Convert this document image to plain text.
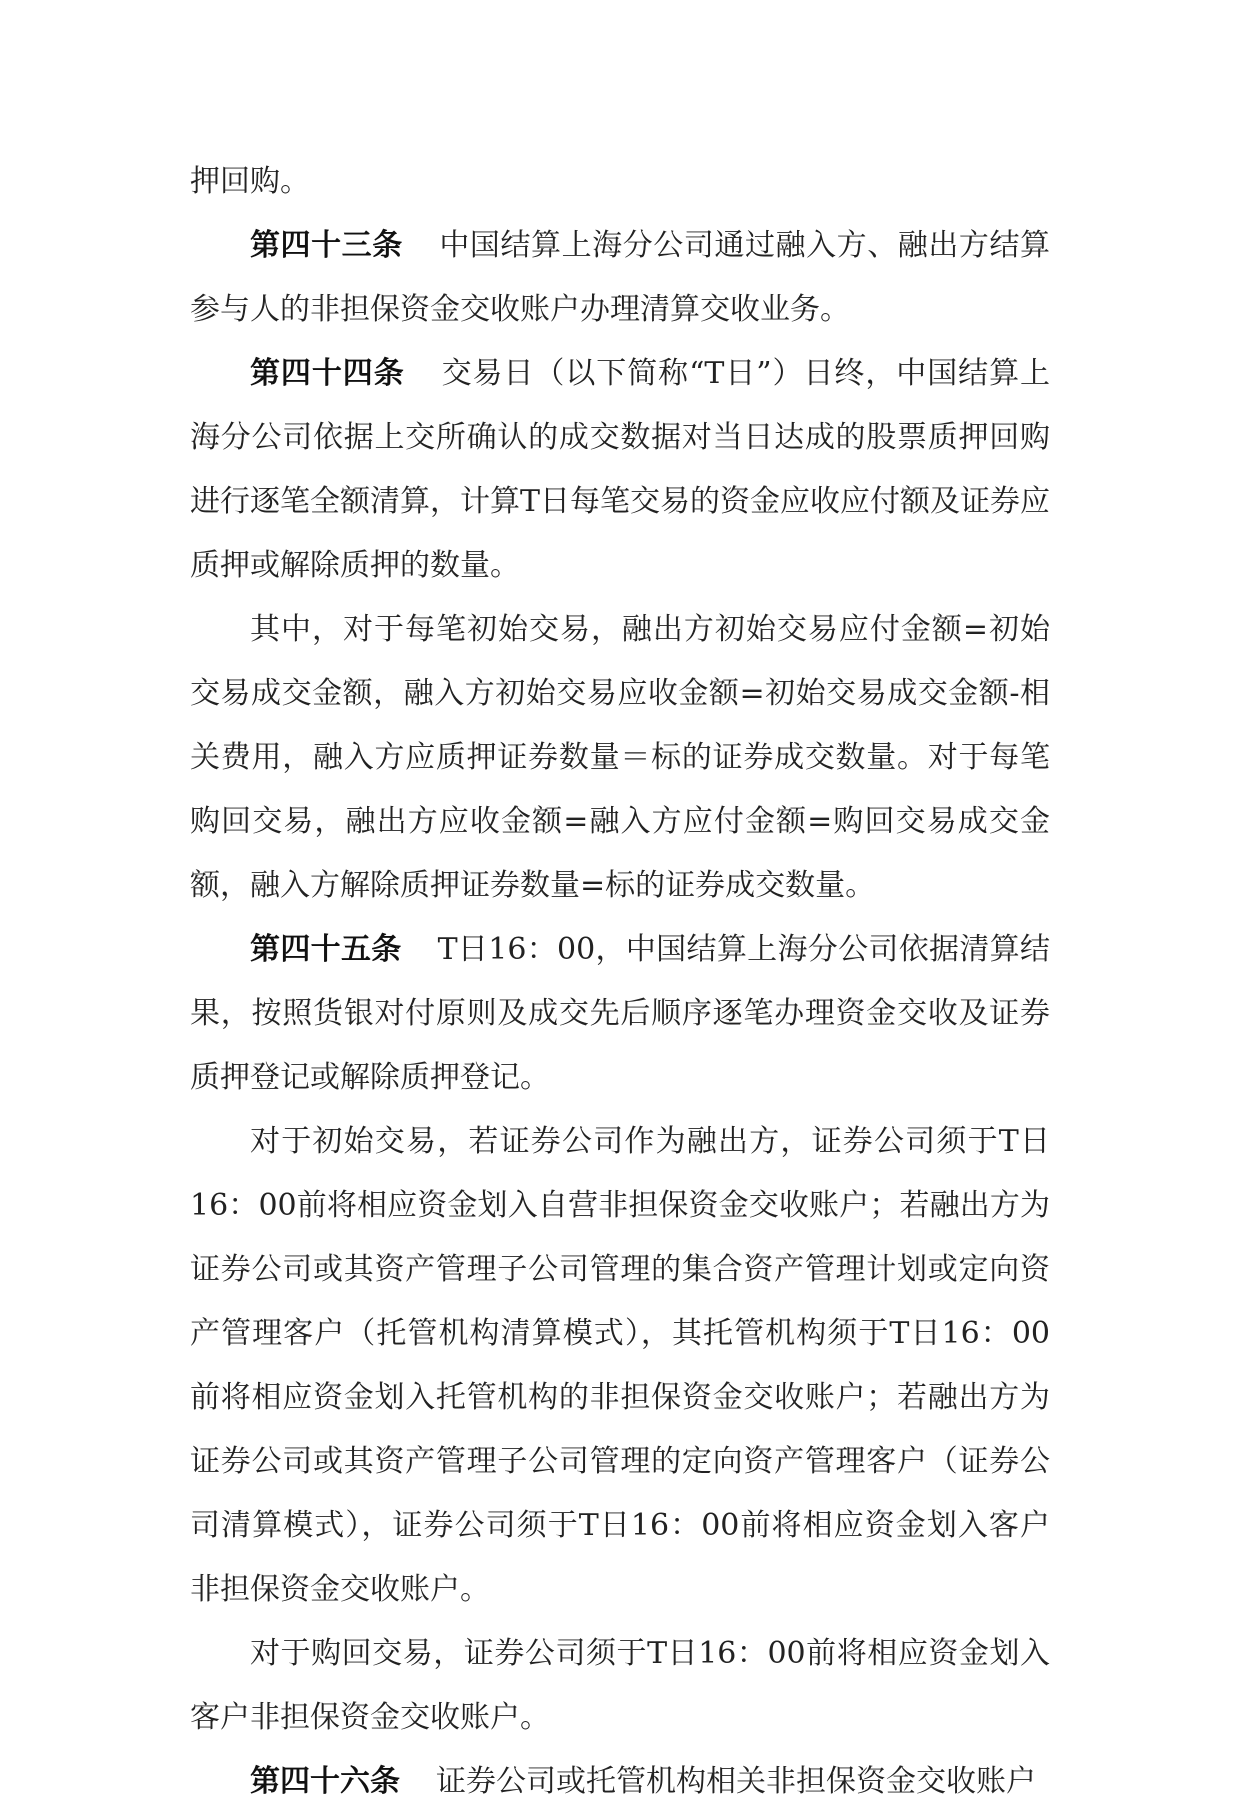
押回购。

第四十三条 中国结算上海分公司通过融入方、融出方结算参与人的非担保资金交收账户办理清算交收业务。

第四十四条 交易日（以下简称“T日”）日终，中国结算上海分公司依据上交所确认的成交数据对当日达成的股票质押回购进行逐笔全额清算，计算T日每笔交易的资金应收应付额及证券应质押或解除质押的数量。

其中，对于每笔初始交易，融出方初始交易应付金额=初始交易成交金额，融入方初始交易应收金额=初始交易成交金额-相关费用，融入方应质押证券数量＝标的证券成交数量。对于每笔购回交易，融出方应收金额=融入方应付金额=购回交易成交金额，融入方解除质押证券数量=标的证券成交数量。

第四十五条 T日16：00，中国结算上海分公司依据清算结果，按照货银对付原则及成交先后顺序逐笔办理资金交收及证券质押登记或解除质押登记。

对于初始交易，若证券公司作为融出方，证券公司须于T日16：00前将相应资金划入自营非担保资金交收账户；若融出方为证券公司或其资产管理子公司管理的集合资产管理计划或定向资产管理客户（托管机构清算模式），其托管机构须于T日16：00前将相应资金划入托管机构的非担保资金交收账户；若融出方为证券公司或其资产管理子公司管理的定向资产管理客户（证券公司清算模式），证券公司须于T日16：00前将相应资金划入客户非担保资金交收账户。

对于购回交易，证券公司须于T日16：00前将相应资金划入客户非担保资金交收账户。

第四十六条 证券公司或托管机构相关非担保资金交收账户
